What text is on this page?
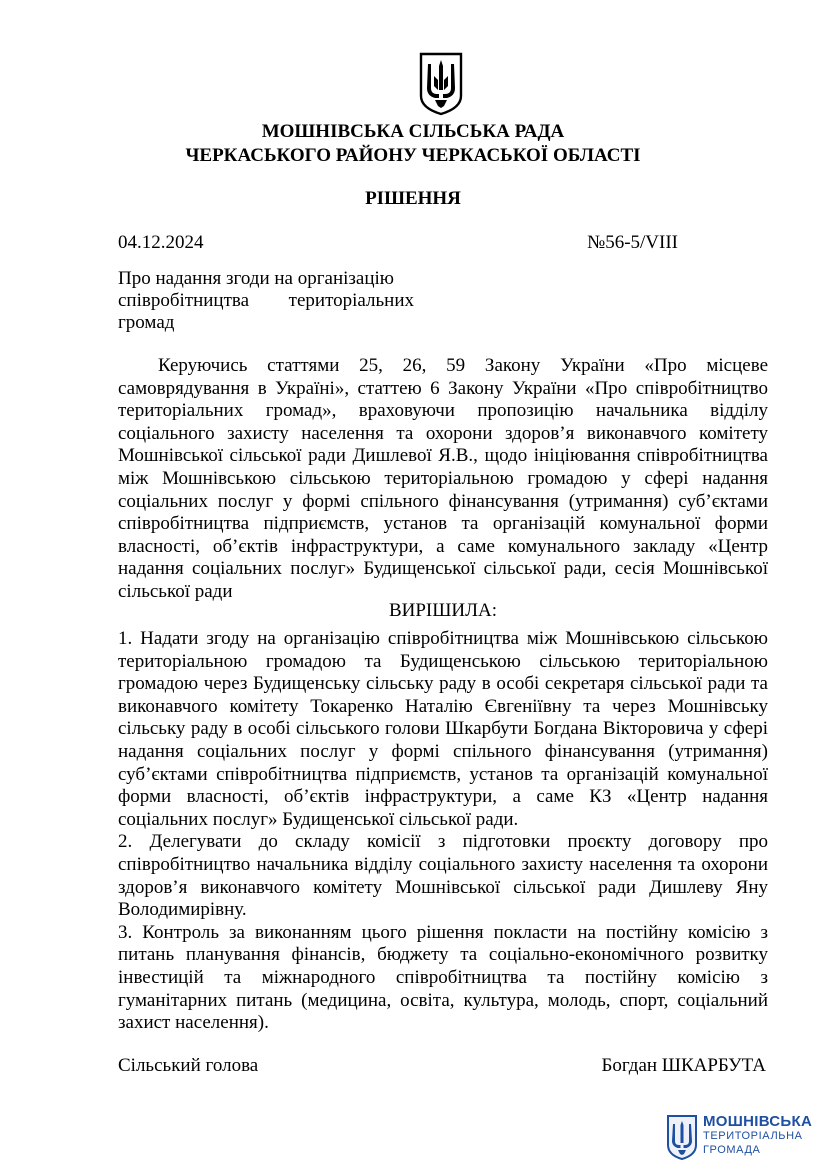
МОШНІВСЬКА СІЛЬСЬКА РАДА
ЧЕРКАСЬКОГО РАЙОНУ ЧЕРКАСЬКОЇ ОБЛАСТІ
РІШЕННЯ
04.12.2024	№56-5/VIII
Про надання згоди на організацію
співробітництва територіальних
громад
Керуючись статтями 25, 26, 59 Закону України «Про місцеве самоврядування в Україні», статтею 6 Закону України «Про співробітництво територіальних громад», враховуючи пропозицію начальника відділу соціального захисту населення та охорони здоров’я виконавчого комітету Мошнівської сільської ради Дишлевої Я.В., щодо ініціювання співробітництва між Мошнівською сільською територіальною громадою у сфері надання соціальних послуг у формі спільного фінансування (утримання) суб’єктами співробітництва підприємств, установ та організацій комунальної форми власності, об’єктів інфраструктури, а саме комунального закладу «Центр надання соціальних послуг» Будищенської сільської ради, сесія Мошнівської сільської ради
ВИРІШИЛА:

1. Надати згоду на організацію співробітництва між Мошнівською сільською територіальною громадою та Будищенською сільською територіальною громадою через Будищенську сільську раду в особі секретаря сільської ради та виконавчого комітету Токаренко Наталію Євгеніївну та через Мошнівську сільську раду в особі сільського голови Шкарбути Богдана Вікторовича у сфері надання соціальних послуг у формі спільного фінансування (утримання) суб’єктами співробітництва підприємств, установ та організацій комунальної форми власності, об’єктів інфраструктури, а саме КЗ «Центр надання соціальних послуг» Будищенської сільської ради.

2. Делегувати до складу комісії з підготовки проєкту договору про співробітництво начальника відділу соціального захисту населення та охорони здоров’я виконавчого комітету Мошнівської сільської ради Дишлеву Яну Володимирівну.

3. Контроль за виконанням цього рішення покласти на постійну комісію з питань планування фінансів, бюджету та соціально-економічного розвитку інвестицій та міжнародного співробітництва та постійну комісію з гуманітарних питань (медицина, освіта, культура, молодь, спорт, соціальний захист населення).

Сільський голова	Богдан ШКАРБУТА
МОШНІВСЬКА
ТЕРИТОРІАЛЬНА
ГРОМАДА
